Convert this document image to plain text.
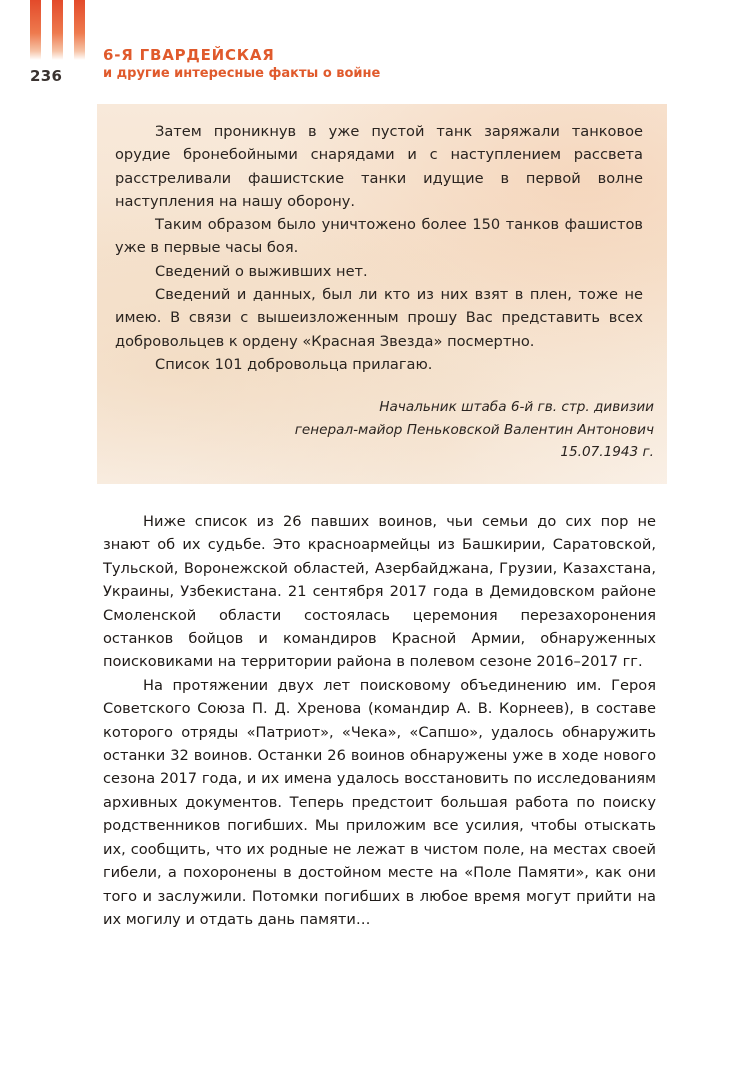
236
6-Я ГВАРДЕЙСКАЯ
и другие интересные факты о войне

Затем проникнув в уже пустой танк заряжали танковое орудие бронебойными снарядами и с наступлением рассвета расстреливали фашистские танки идущие в первой волне наступления на нашу оборону.

Таким образом было уничтожено более 150 танков фашистов уже в первые часы боя.

Сведений о выживших нет.

Сведений и данных, был ли кто из них взят в плен, тоже не имею. В связи с вышеизложенным прошу Вас представить всех добровольцев к ордену «Красная Звезда» посмертно.

Список 101 добровольца прилагаю.

Начальник штаба 6-й гв. стр. дивизии
генерал-майор Пеньковской Валентин Антонович
15.07.1943 г.

Ниже список из 26 павших воинов, чьи семьи до сих пор не знают об их судьбе. Это красноармейцы из Башкирии, Саратовской, Тульской, Воронежской областей, Азербайджана, Грузии, Казахстана, Украины, Узбекистана. 21 сентября 2017 года в Демидовском районе Смоленской области состоялась церемония перезахоронения останков бойцов и командиров Красной Армии, обнаруженных поисковиками на территории района в полевом сезоне 2016–2017 гг.

На протяжении двух лет поисковому объединению им. Героя Советского Союза П. Д. Хренова (командир А. В. Корнеев), в составе которого отряды «Патриот», «Чека», «Сапшо», удалось обнаружить останки 32 воинов. Останки 26 воинов обнаружены уже в ходе нового сезона 2017 года, и их имена удалось восстановить по исследованиям архивных документов. Теперь предстоит большая работа по поиску родственников погибших. Мы приложим все усилия, чтобы отыскать их, сообщить, что их родные не лежат в чистом поле, на местах своей гибели, а похоронены в достойном месте на «Поле Памяти», как они того и заслужили. Потомки погибших в любое время могут прийти на их могилу и отдать дань памяти…
